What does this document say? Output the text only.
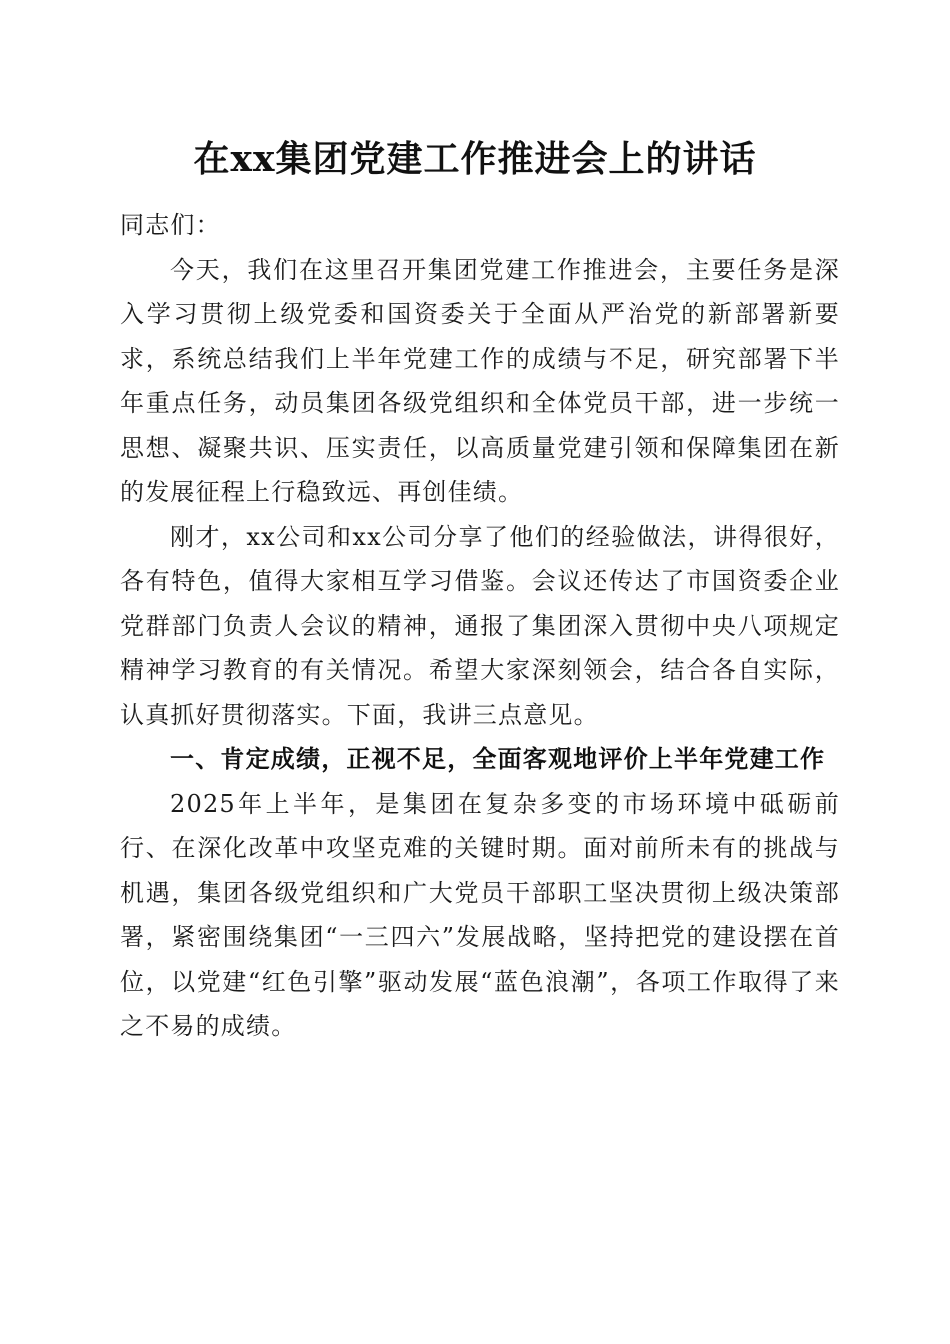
在xx集团党建工作推进会上的讲话

同志们：

今天，我们在这里召开集团党建工作推进会，主要任务是深入学习贯彻上级党委和国资委关于全面从严治党的新部署新要求，系统总结我们上半年党建工作的成绩与不足，研究部署下半年重点任务，动员集团各级党组织和全体党员干部，进一步统一思想、凝聚共识、压实责任，以高质量党建引领和保障集团在新的发展征程上行稳致远、再创佳绩。

刚才，xx公司和xx公司分享了他们的经验做法，讲得很好，各有特色，值得大家相互学习借鉴。会议还传达了市国资委企业党群部门负责人会议的精神，通报了集团深入贯彻中央八项规定精神学习教育的有关情况。希望大家深刻领会，结合各自实际，认真抓好贯彻落实。下面，我讲三点意见。

一、肯定成绩，正视不足，全面客观地评价上半年党建工作

2025年上半年，是集团在复杂多变的市场环境中砥砺前行、在深化改革中攻坚克难的关键时期。面对前所未有的挑战与机遇，集团各级党组织和广大党员干部职工坚决贯彻上级决策部署，紧密围绕集团“一三四六”发展战略，坚持把党的建设摆在首位，以党建“红色引擎”驱动发展“蓝色浪潮”，各项工作取得了来之不易的成绩。
